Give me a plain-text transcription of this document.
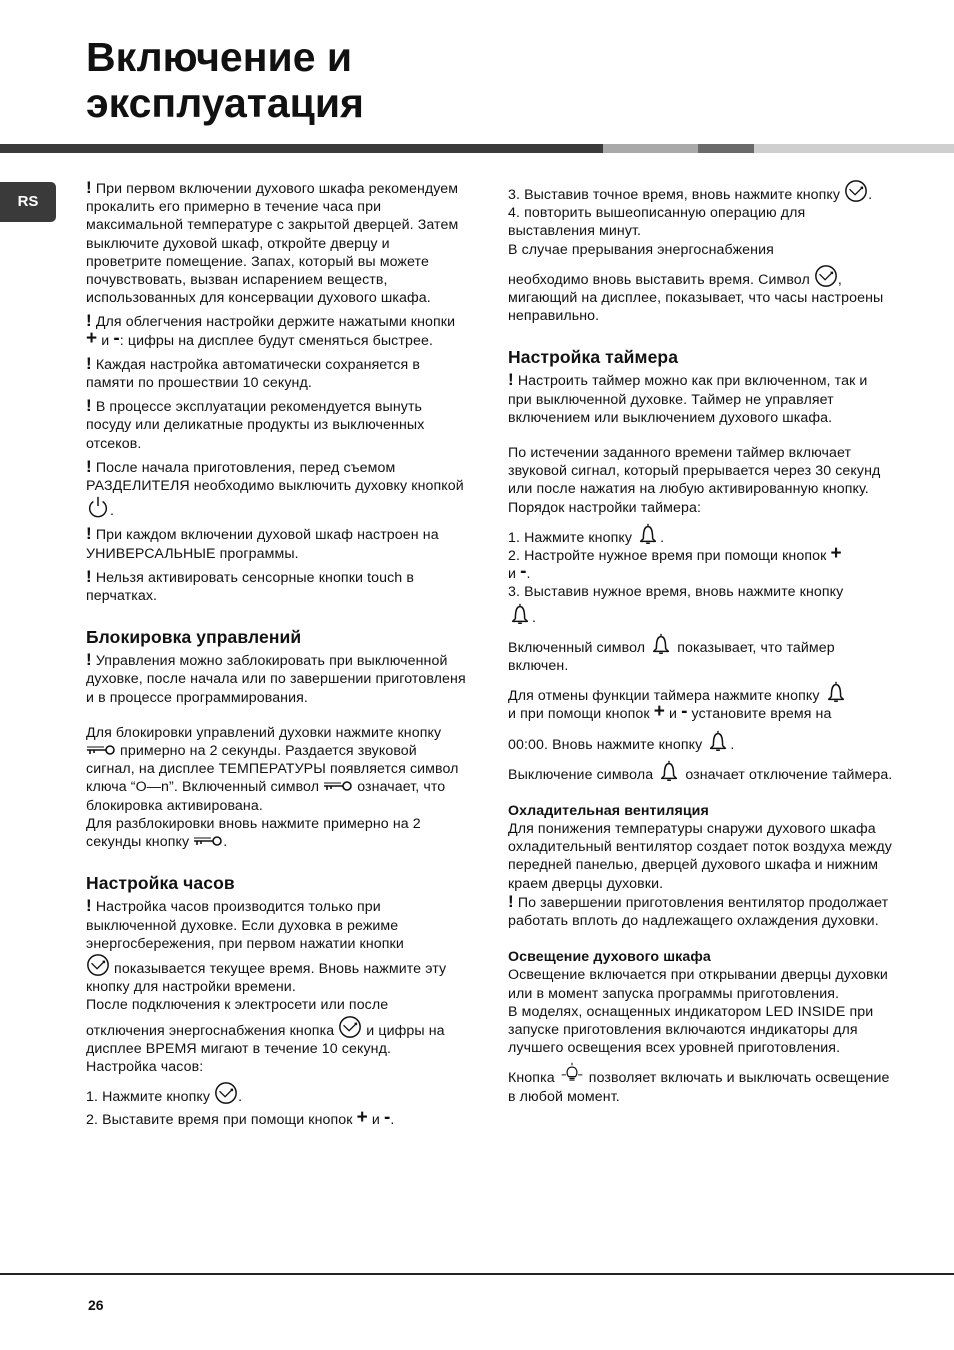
Включение и
эксплуатация
RS

! При первом включении духового шкафа рекомендуем прокалить его примерно в течение часа при максимальной температуре с закрытой дверцей. Затем выключите духовой шкаф, откройте дверцу и проветрите помещение. Запах, который вы можете почувствовать, вызван испарением веществ, использованных для консервации духового шкафа.

! Для облегчения настройки держите нажатыми кнопки + и -: цифры на дисплее будут сменяться быстрее.

! Каждая настройка автоматически сохраняется в памяти по прошествии 10 секунд.

! В процессе эксплуатации рекомендуется вынуть посуду или деликатные продукты из выключенных отсеков.

! После начала приготовления, перед съемом РАЗДЕЛИТЕЛЯ необходимо выключить духовку кнопкой .

! При каждом включении духовой шкаф настроен на УНИВЕРСАЛЬНЫЕ программы.

! Нельзя активировать сенсорные кнопки touch в перчатках.

Блокировка управлений

! Управления можно заблокировать при выключенной духовке, после начала или по завершении приготовленя и в процессе программирования.

Для блокировки управлений духовки нажмите кнопку  примерно на 2 секунды. Раздается звуковой сигнал, на дисплее ТЕМПЕРАТУРЫ появляется символ ключа “O—n”. Включенный символ	означает, что блокировка активирована.

Для разблокировки вновь нажмите примерно на 2 секунды кнопку .

Настройка часов

! Настройка часов производится только при выключенной духовке. Если духовка в режиме энергосбережения, при первом нажатии кнопки

показывается текущее время. Вновь нажмите эту кнопку для настройки времени.
После подключения к электросети или после

отключения энергоснабжения кнопка и цифры на дисплее ВРЕМЯ мигают в течение 10 секунд.
Настройка часов:

1. Нажмите кнопку .

2. Выставите время при помощи кнопок + и -.

3. Выставив точное время, вновь нажмите кнопку .

4. повторить вышеописанную операцию для выставления минут.

В случае прерывания энергоснабжения

необходимо вновь выставить время. Символ , мигающий на дисплее, показывает, что часы настроены неправильно.

Настройка таймера

! Настроить таймер можно как при включенном, так и при выключенной духовке. Таймер не управляет включением или выключением духового шкафа.

По истечении заданного времени таймер включает звуковой сигнал, который прерывается через 30 секунд или после нажатия на любую активированную кнопку.

Порядок настройки таймера:

1. Нажмите кнопку .

2. Настройте нужное время при помощи кнопок +
и -.

3. Выставив нужное время, вновь нажмите кнопку
.

Включенный символ показывает, что таймер включен.

Для отмены функции таймера нажмите кнопку
и при помощи кнопок + и - установите время на

00:00. Вновь нажмите кнопку .

Выключение символа означает отключение таймера.

Охладительная вентиляция

Для понижения температуры снаружи духового шкафа охладительный вентилятор создает поток воздуха между передней панелью, дверцей духового шкафа и нижним краем дверцы духовки.

! По завершении приготовления вентилятор продолжает работать вплоть до надлежащего охлаждения духовки.

Освещение духового шкафа

Освещение включается при открывании дверцы духовки или в момент запуска программы приготовления.

В моделях, оснащенных индикатором LED INSIDE при запуске приготовления включаются индикаторы для лучшего освещения всех уровней приготовления.

Кнопка позволяет включать и выключать освещение в любой момент.

26
